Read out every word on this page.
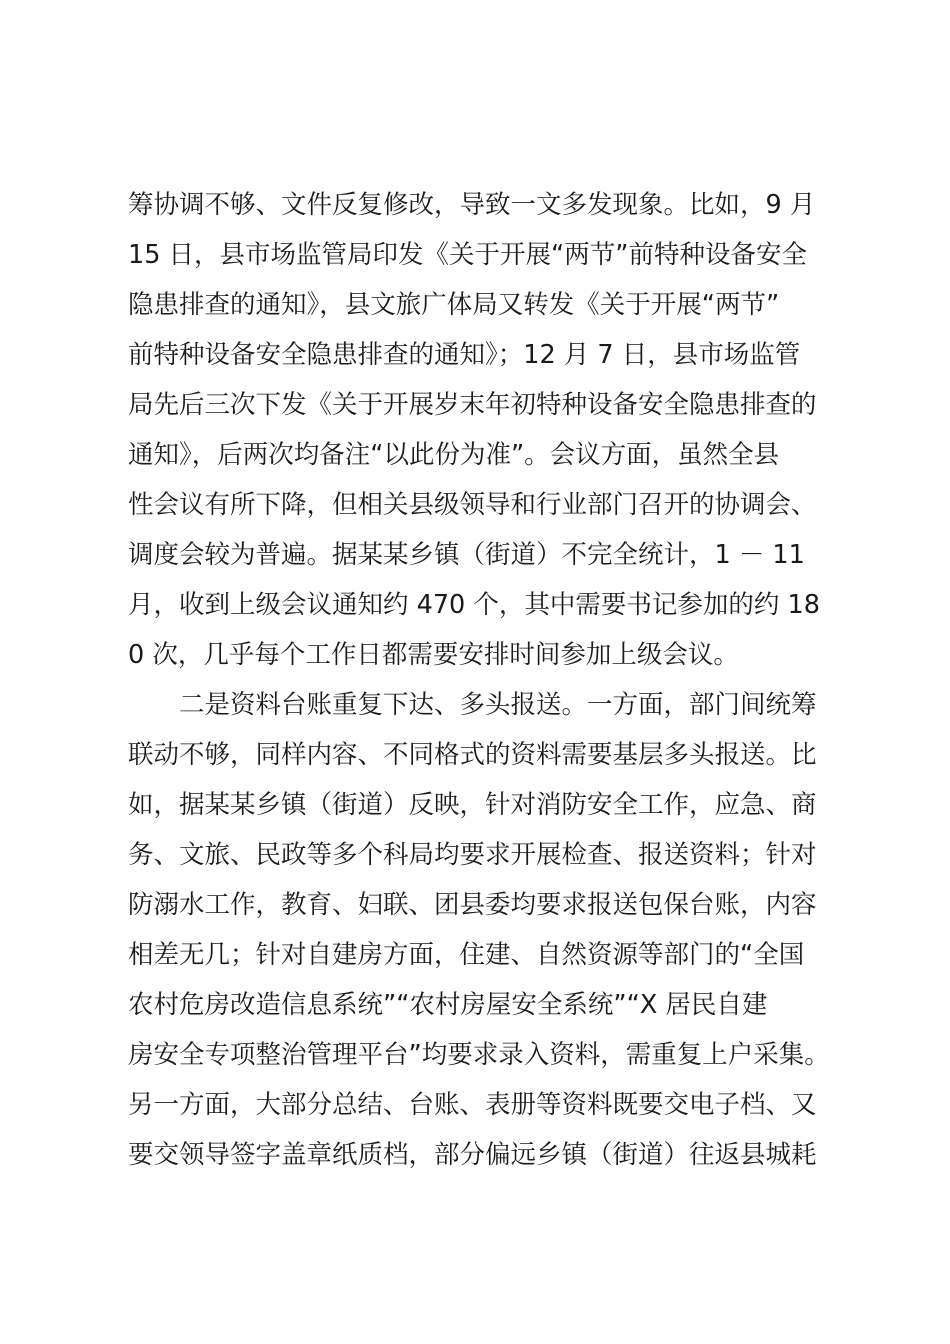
筹协调不够、文件反复修改，导致一文多发现象。比如，9 月
15 日，县市场监管局印发《关于开展“两节”前特种设备安全
隐患排查的通知》，县文旅广体局又转发《关于开展“两节”
前特种设备安全隐患排查的通知》；12 月 7 日，县市场监管
局先后三次下发《关于开展岁末年初特种设备安全隐患排查的
通知》，后两次均备注“以此份为准”。会议方面，虽然全县
性会议有所下降，但相关县级领导和行业部门召开的协调会、
调度会较为普遍。据某某乡镇（街道）不完全统计，1 － 11
月，收到上级会议通知约 470 个，其中需要书记参加的约 18
0 次，几乎每个工作日都需要安排时间参加上级会议。
二是资料台账重复下达、多头报送。一方面，部门间统筹
联动不够，同样内容、不同格式的资料需要基层多头报送。比
如，据某某乡镇（街道）反映，针对消防安全工作，应急、商
务、文旅、民政等多个科局均要求开展检查、报送资料；针对
防溺水工作，教育、妇联、团县委均要求报送包保台账，内容
相差无几；针对自建房方面，住建、自然资源等部门的“全国
农村危房改造信息系统”“农村房屋安全系统”“X 居民自建
房安全专项整治管理平台”均要求录入资料，需重复上户采集。
另一方面，大部分总结、台账、表册等资料既要交电子档、又
要交领导签字盖章纸质档，部分偏远乡镇（街道）往返县城耗
